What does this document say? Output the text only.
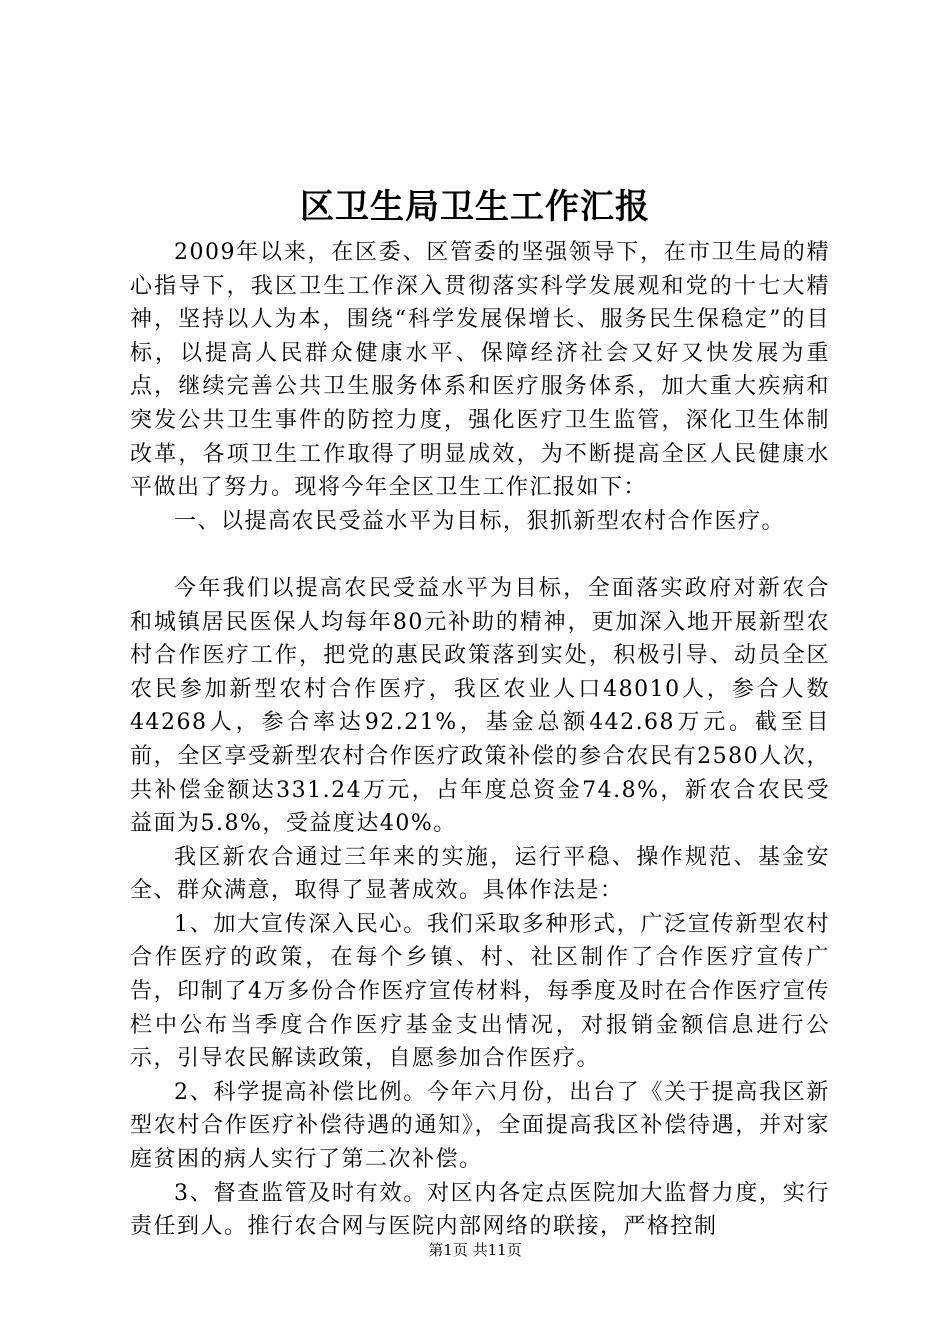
区卫生局卫生工作汇报

2009年以来，在区委、区管委的坚强领导下，在市卫生局的精心指导下，我区卫生工作深入贯彻落实科学发展观和党的十七大精神，坚持以人为本，围绕“科学发展保增长、服务民生保稳定”的目标，以提高人民群众健康水平、保障经济社会又好又快发展为重点，继续完善公共卫生服务体系和医疗服务体系，加大重大疾病和突发公共卫生事件的防控力度，强化医疗卫生监管，深化卫生体制改革，各项卫生工作取得了明显成效，为不断提高全区人民健康水平做出了努力。现将今年全区卫生工作汇报如下：

一、以提高农民受益水平为目标，狠抓新型农村合作医疗。

今年我们以提高农民受益水平为目标，全面落实政府对新农合和城镇居民医保人均每年80元补助的精神，更加深入地开展新型农村合作医疗工作，把党的惠民政策落到实处，积极引导、动员全区农民参加新型农村合作医疗，我区农业人口48010人，参合人数44268人，参合率达92.21%，基金总额442.68万元。截至目前，全区享受新型农村合作医疗政策补偿的参合农民有2580人次，共补偿金额达331.24万元，占年度总资金74.8%，新农合农民受益面为5.8%，受益度达40%。

我区新农合通过三年来的实施，运行平稳、操作规范、基金安全、群众满意，取得了显著成效。具体作法是：

1、加大宣传深入民心。我们采取多种形式，广泛宣传新型农村合作医疗的政策，在每个乡镇、村、社区制作了合作医疗宣传广告，印制了4万多份合作医疗宣传材料，每季度及时在合作医疗宣传栏中公布当季度合作医疗基金支出情况，对报销金额信息进行公示，引导农民解读政策，自愿参加合作医疗。

2、科学提高补偿比例。今年六月份，出台了《关于提高我区新型农村合作医疗补偿待遇的通知》，全面提高我区补偿待遇，并对家庭贫困的病人实行了第二次补偿。

3、督查监管及时有效。对区内各定点医院加大监督力度，实行责任到人。推行农合网与医院内部网络的联接，严格控制

第1页 共11页
